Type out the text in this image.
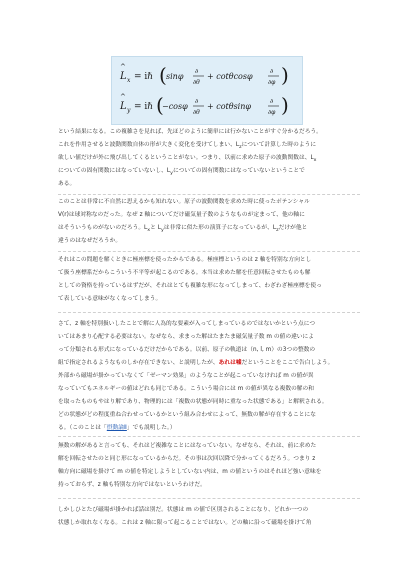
L
^
x = iℏ ( sinφ
∂
∂θ
+ cotθcosφ
∂
∂φ )
L
^
y = iℏ (
−cosφ
∂
∂θ
+ cotθsinφ
∂
∂φ )
という結果になる。この複雑さを見れば、先ほどのように簡単には行かないことがすぐ分かるだろう。
これを作用させると波動関数自体の形が大きく変化を受けてしまい、$L_z$について計算した時のように
欲しい値だけが外に飛び出してくるということがない。つまり、以前に求めた原子の波動関数は、$L_x$
についての固有関数にはなっていないし、$L_y$についての固有関数にはなっていないということで
ある。
このことは非常に不自然に思えるかも知れない。原子の波動関数を求めた時に使ったポテンシャル
V(r)は球対称なのだった。なぜ z 軸についてだけ磁気量子数のようなものが定まって、他の軸に
はそういうものがないのだろう。$L_x$と $L_y$は非常に似た形の演算子になっているが、$L_z$だけが他と
違うのはなぜだろうか。
それはこの問題を解くときに極座標を使ったからである。極座標というのは z 軸を特別な方向とし
て扱う座標系だからこういう不平等が起こるのである。本当は求めた解を任意回転させたものも解
としての資格を持っているはずだが、それはとても複雑な形になってしまって、わざわざ極座標を使っ
て表している意味がなくなってしまう。
さて、z 軸を特別扱いしたことで解に人為的な要素が入ってしまっているのではないかという点につ
いてはあまり心配する必要はない。なぜなら、求まった解はたまたま磁気量子数 m の値の違いによ
って分類される形式になっているだけだからである。以前、原子の軌道は（n, l, m）の3つの整数の
組で指定されるようなものしか存在できない、と説明したが、あれは嘘だということをここで告白しよう。
外部から磁場が掛かっていなくて「ゼーマン効果」のようなことが起こっていなければ m の値が異
なっていてもエネルギーの値はどれも同じである。こういう場合には m の値が異なる複数の解の和
を取ったものもやはり解であり、物理的には「複数の状態が同時に重なった状態である」と解釈される。
どの状態がどの程度重ね合わせっているかという組み合わせによって、無数の解が存在することにな
る。（このことは「摂動論Ⅱ」でも説明した。）
無数の解があると言っても、それはど複雑なことにはなっていない。なぜなら、それは、前に求めた
解を回転させたのと同じ形になっているからだ。その事は次回以降で分かってくるだろう。つまり z
軸方向に磁場を掛けて m の値を特定しようとしていない内は、m の値というのはそれほど強い意味を
持っておらず、z 軸も特別な方向ではないというわけだ。
しかしひとたび磁場が掛かれば話は別だ。状態は m の値で区別されることになり、どれか一つの
状態しか取れなくなる。これは z 軸に限って起こることではない。どの軸に沿って磁場を掛けて角
